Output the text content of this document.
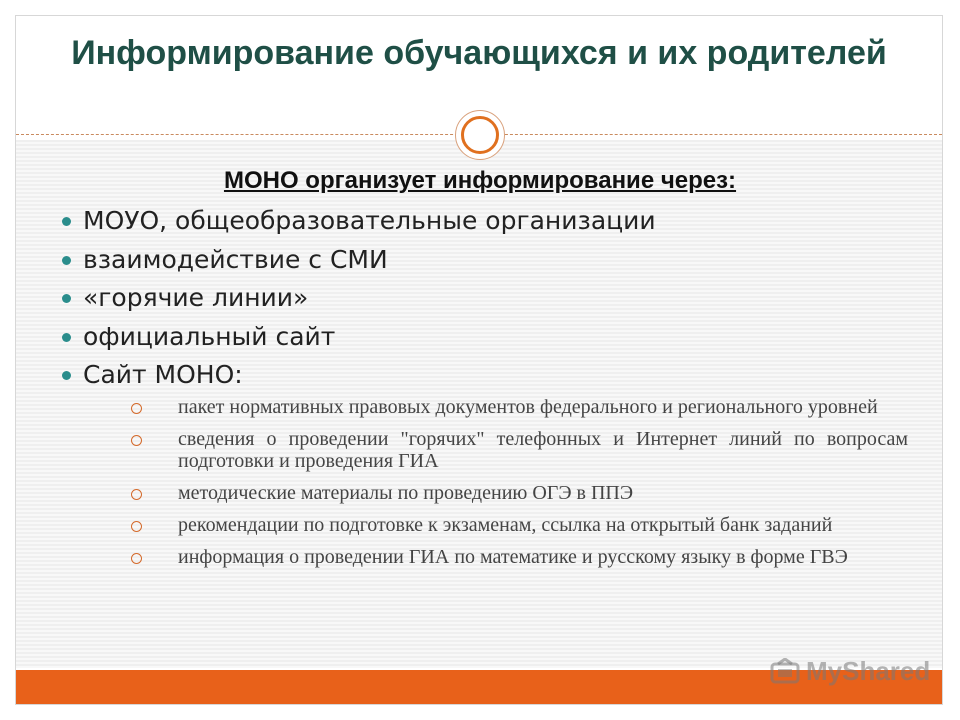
Информирование обучающихся и их родителей
МОНО организует информирование через:
МОУО, общеобразовательные организации
взаимодействие с СМИ
«горячие линии»
официальный сайт
Сайт МОНО:
пакет нормативных правовых документов федерального и регионального уровней
сведения о проведении "горячих" телефонных и Интернет линий по вопросам подготовки и проведения ГИА
методические материалы по проведению ОГЭ в ППЭ
рекомендации по подготовке к экзаменам, ссылка на открытый банк заданий
информация о проведении ГИА по математике и русскому языку в форме ГВЭ
MyShared
